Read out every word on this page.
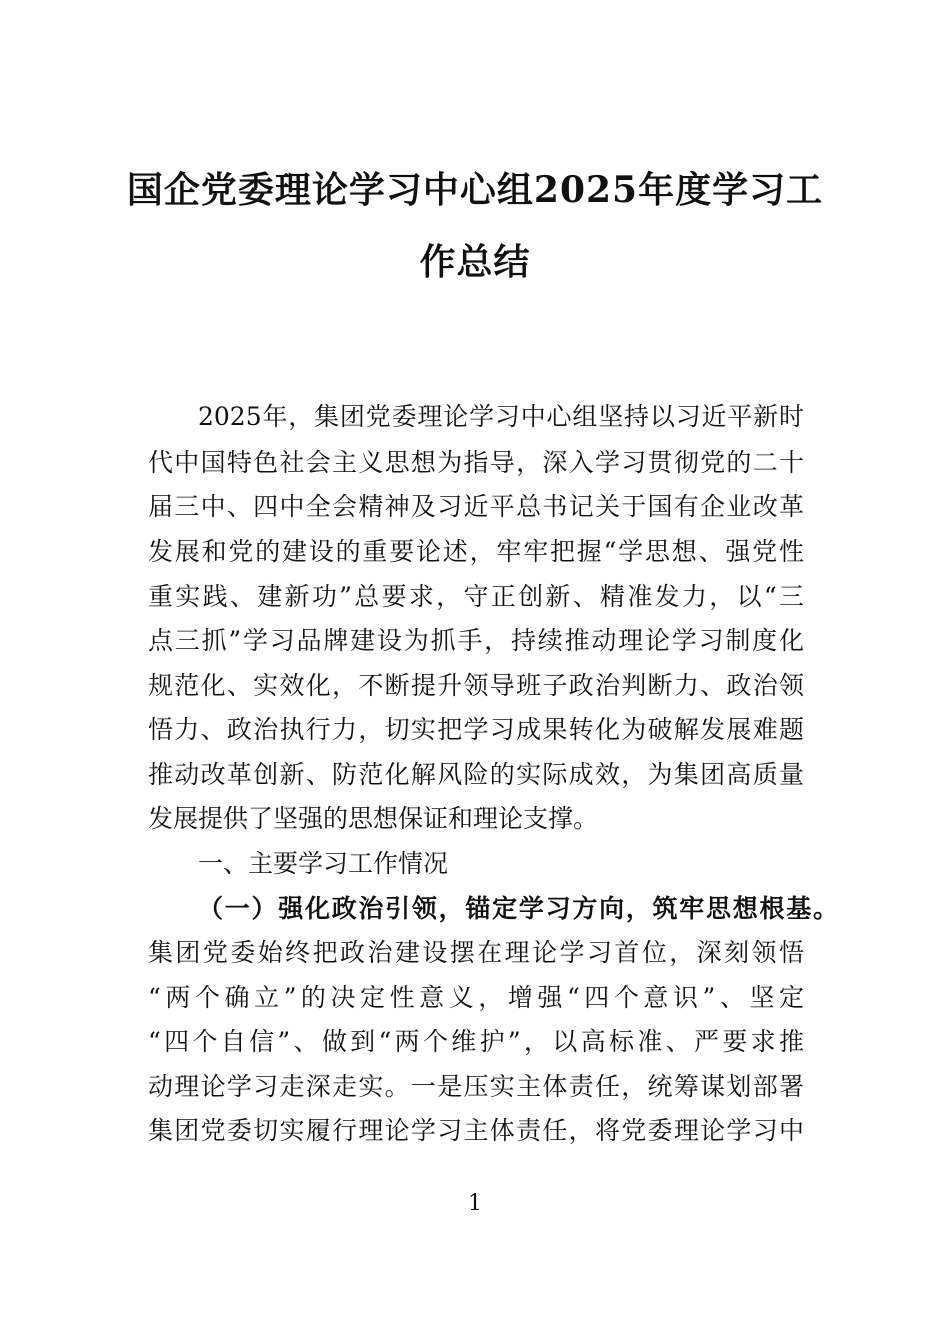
国企党委理论学习中心组2025年度学习工
作总结
2025年，集团党委理论学习中心组坚持以习近平新时
代中国特色社会主义思想为指导，深入学习贯彻党的二十
届三中、四中全会精神及习近平总书记关于国有企业改革
发展和党的建设的重要论述，牢牢把握“学思想、强党性
重实践、建新功”总要求，守正创新、精准发力，以“三
点三抓”学习品牌建设为抓手，持续推动理论学习制度化
规范化、实效化，不断提升领导班子政治判断力、政治领
悟力、政治执行力，切实把学习成果转化为破解发展难题
推动改革创新、防范化解风险的实际成效，为集团高质量
发展提供了坚强的思想保证和理论支撑。
一、主要学习工作情况
（一）强化政治引领，锚定学习方向，筑牢思想根基。
集团党委始终把政治建设摆在理论学习首位，深刻领悟
“两个确立”的决定性意义，增强“四个意识”、坚定
“四个自信”、做到“两个维护”，以高标准、严要求推
动理论学习走深走实。一是压实主体责任，统筹谋划部署
集团党委切实履行理论学习主体责任，将党委理论学习中
1
